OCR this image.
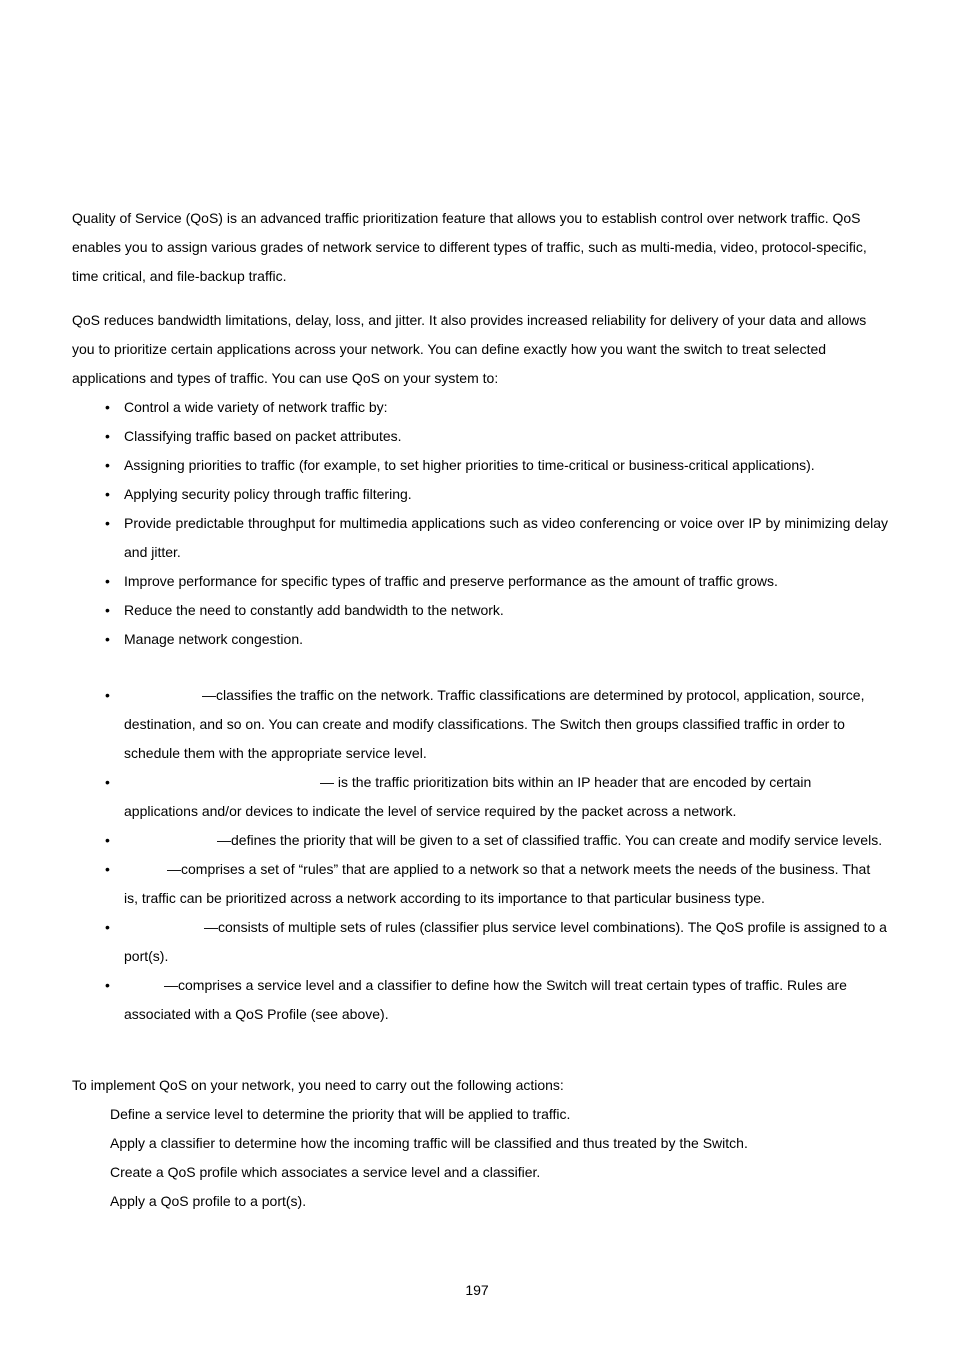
Quality of Service (QoS) is an advanced traffic prioritization feature that allows you to establish control over network traffic. QoS enables you to assign various grades of network service to different types of traffic, such as multi-media, video, protocol-specific, time critical, and file-backup traffic.

QoS reduces bandwidth limitations, delay, loss, and jitter. It also provides increased reliability for delivery of your data and allows you to prioritize certain applications across your network. You can define exactly how you want the switch to treat selected applications and types of traffic. You can use QoS on your system to:

• Control a wide variety of network traffic by:
• Classifying traffic based on packet attributes.
• Assigning priorities to traffic (for example, to set higher priorities to time-critical or business-critical applications).
• Applying security policy through traffic filtering.
• Provide predictable throughput for multimedia applications such as video conferencing or voice over IP by minimizing delay and jitter.
• Improve performance for specific types of traffic and preserve performance as the amount of traffic grows.
• Reduce the need to constantly add bandwidth to the network.
• Manage network congestion.
•	—classifies the traffic on the network. Traffic classifications are determined by protocol, application, source, destination, and so on. You can create and modify classifications. The Switch then groups classified traffic in order to schedule them with the appropriate service level.
•	— is the traffic prioritization bits within an IP header that are encoded by certain applications and/or devices to indicate the level of service required by the packet across a network.
•	—defines the priority that will be given to a set of classified traffic. You can create and modify service levels.
•	—comprises a set of “rules” that are applied to a network so that a network meets the needs of the business. That is, traffic can be prioritized across a network according to its importance to that particular business type.
•	—consists of multiple sets of rules (classifier plus service level combinations). The QoS profile is assigned to a port(s).
•	—comprises a service level and a classifier to define how the Switch will treat certain types of traffic. Rules are associated with a QoS Profile (see above).

To implement QoS on your network, you need to carry out the following actions:

Define a service level to determine the priority that will be applied to traffic.
Apply a classifier to determine how the incoming traffic will be classified and thus treated by the Switch.
Create a QoS profile which associates a service level and a classifier.
Apply a QoS profile to a port(s).
197
